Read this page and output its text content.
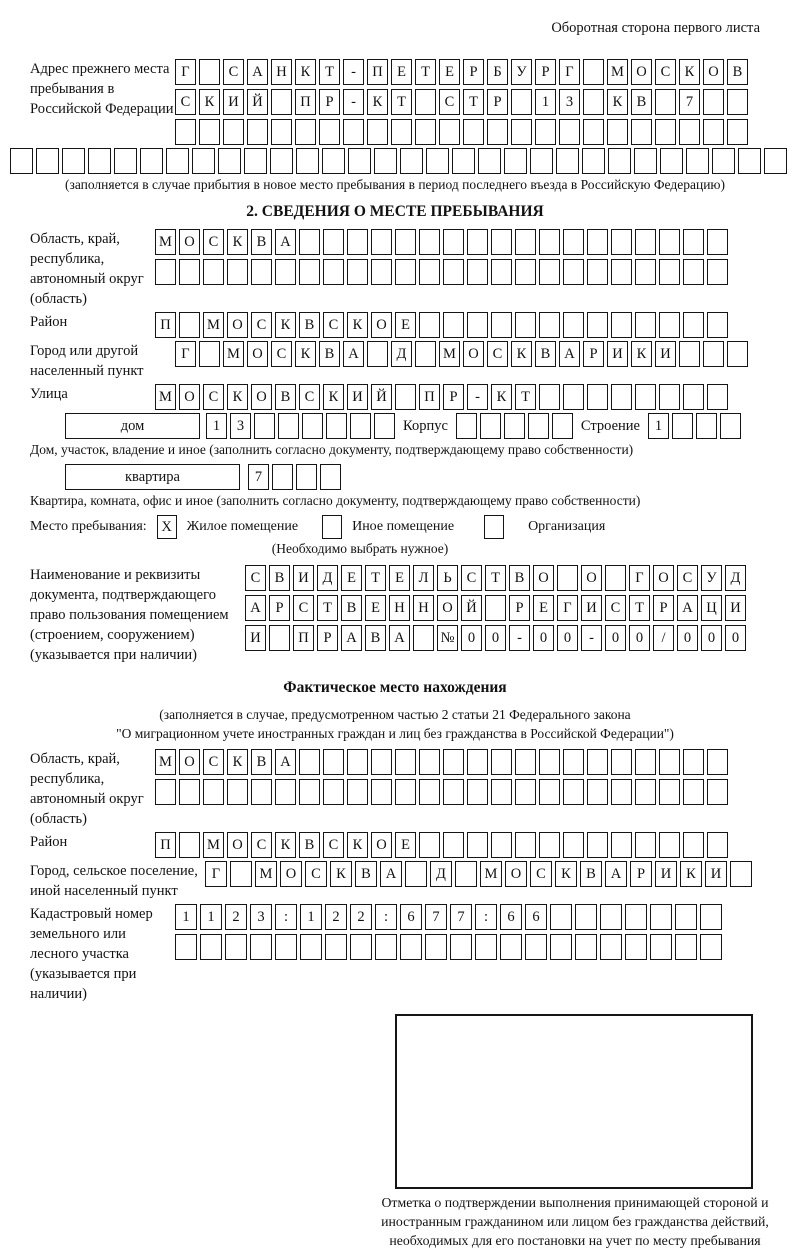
Оборотная сторона первого листа
Адрес прежнего места пребывания в Российской Федерации
Г	С А Н К	Т	-	П Е	Т	Е	Р	Б	У	Р	Г	М О С К О В
С К И Й	П	Р	-	К	Т	С	Т	Р	1	3	К В	7
(заполняется в случае прибытия в новое место пребывания в период последнего въезда в Российскую Федерацию)
2. СВЕДЕНИЯ О МЕСТЕ ПРЕБЫВАНИЯ
Область, край, республика, автономный округ (область)
М О С К В А
Район	П	М О С К В С К О Е
Город или другой населенный пункт
Г	М О С К В А	Д	М О С К В А	Р	И К И
Улица	М О С К О В С К И Й	П	Р	-	К	Т
дом	1	3	Корпус	Строение	1
Дом, участок, владение и иное (заполнить согласно документу, подтверждающему право собственности)
квартира	7
Квартира, комната, офис и иное (заполнить согласно документу, подтверждающему право собственности)
Место пребывания:	X	Жилое помещение	Иное помещение	Организация
(Необходимо выбрать нужное)
Наименование и реквизиты документа, подтверждающего право пользования помещением (строением, сооружением) (указывается при наличии)
С В И Д	Е	Т	Е	Л	Ь	С	Т	В О	О	Г	О С У Д
А	Р	С	Т	В	Е Н Н О Й	Р	Е	Г	И С	Т	Р	А Ц И
И	П	Р	А В А	№ 0	0	-	0	0	-	0	0	/	0	0	0
Фактическое место нахождения
(заполняется в случае, предусмотренном частью 2 статьи 21 Федерального закона
"О миграционном учете иностранных граждан и лиц без гражданства в Российской Федерации")
Область, край, республика, автономный округ (область)
М О С К В А
Район	П	М О С К В С К О Е
Город, сельское поселение, иной населенный пункт
Г	М О	С	К	В	А	Д	М О	С	К	В	А	Р	И	К	И
Кадастровый номер земельного или лесного участка (указывается при наличии)
1	1	2	3	:	1	2	2	:	6	7	7	:	6	6
Отметка о подтверждении выполнения принимающей стороной и иностранным гражданином или лицом без гражданства действий, необходимых для его постановки на учет по месту пребывания
